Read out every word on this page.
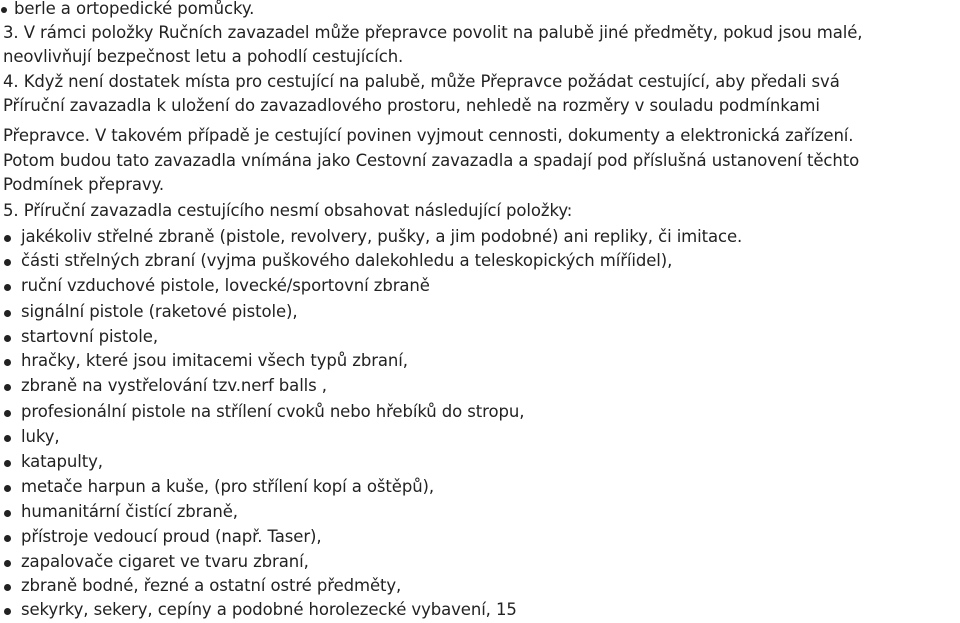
berle a ortopedické pomůcky.
3. V rámci položky Ručních zavazadel může přepravce povolit na palubě jiné předměty, pokud jsou malé,
neovlivňují bezpečnost letu a pohodlí cestujících.
4. Když není dostatek místa pro cestující na palubě, může Přepravce požádat cestující, aby předali svá
Příruční zavazadla k uložení do zavazadlového prostoru, nehledě na rozměry v souladu podmínkami
Přepravce. V takovém případě je cestující povinen vyjmout cennosti, dokumenty a elektronická zařízení.
Potom budou tato zavazadla vnímána jako Cestovní zavazadla a spadají pod příslušná ustanovení těchto
Podmínek přepravy.
5. Příruční zavazadla cestujícího nesmí obsahovat následující položky:
jakékoliv střelné zbraně (pistole, revolvery, pušky, a jim podobné) ani repliky, či imitace.
části střelných zbraní (vyjma puškového dalekohledu a teleskopických míříidel),
ruční vzduchové pistole, lovecké/sportovní zbraně
signální pistole (raketové pistole),
startovní pistole,
hračky, které jsou imitacemi všech typů zbraní,
zbraně na vystřelování tzv.nerf balls ,
profesionální pistole na střílení cvoků nebo hřebíků do stropu,
luky,
katapulty,
metače harpun a kuše, (pro střílení kopí a oštěpů),
humanitární čistící zbraně,
přístroje vedoucí proud (např. Taser),
zapalovače cigaret ve tvaru zbraní,
zbraně bodné, řezné a ostatní ostré předměty,
sekyrky, sekery, cepíny a podobné horolezecké vybavení, 15
